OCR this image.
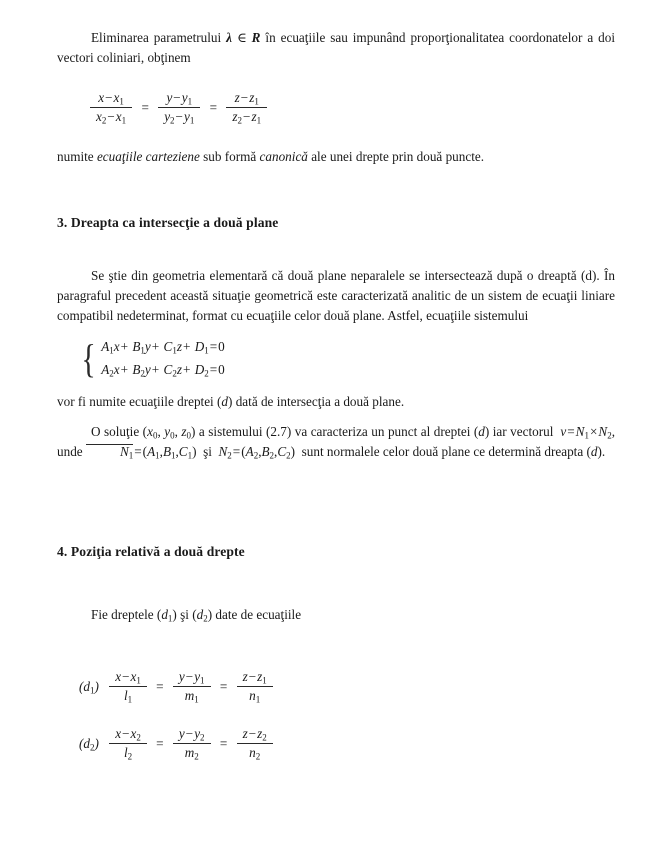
Eliminarea parametrului λ ∈ R în ecuaţiile sau impunând proporţionalitatea coordonatelor a doi vectori coliniari, obţinem

$\frac{x-x_1}{x_2-x_1} = \frac{y-y_1}{y_2-y_1} = \frac{z-z_1}{z_2-z_1}$

numite ecuaţiile carteziene sub formă canonică ale unei drepte prin două puncte.

3. Dreapta ca intersecţie a două plane

Se ştie din geometria elementară că două plane neparalele se intersectează după o dreaptă (d). În paragraful precedent această situaţie geometrică este caracterizată analitic de un sistem de ecuaţii liniare compatibil nedeterminat, format cu ecuaţiile celor două plane. Astfel, ecuaţiile sistemului

{ $A_1x+ B_1y+ C_1z+ D_1=0$
$A_2x+ B_2y+ C_2z+ D_2=0$

vor fi numite ecuaţiile dreptei (d) dată de intersecţia a două plane.

O soluţie ($x_0$, $y_0$, $z_0$) a sistemului (2.7) va caracteriza un punct al dreptei (d) iar vectorul  $v=N_1\times N_2$, unde	$N_1=(A_1,B_1,C_1)$  şi $N_2=(A_2,B_2,C_2)$  sunt normalele celor două plane ce determină dreapta (d).

4. Poziţia relativă a două drepte

Fie dreptele $(d_1)$ şi $(d_2)$ date de ecuaţiile

$(d_1) \frac{x-x_1}{l_1} = \frac{y-y_1}{m_1} = \frac{z-z_1}{n_1}$
$(d_2) \frac{x-x_2}{l_2} = \frac{y-y_2}{m_2} = \frac{z-z_2}{n_2}$
